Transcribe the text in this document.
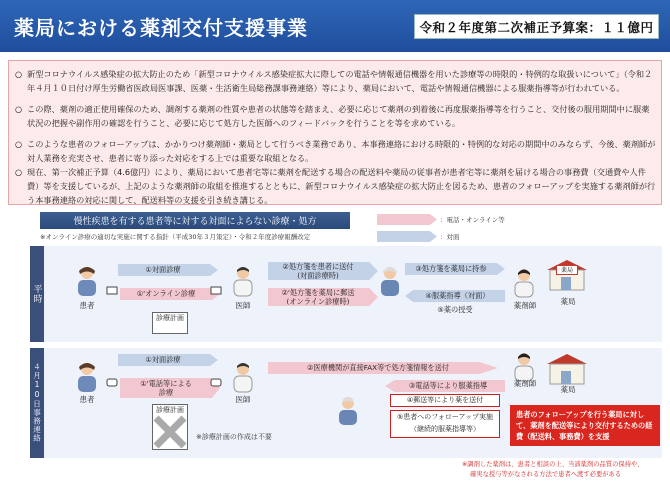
薬局における薬剤交付支援事業	令和２年度第二次補正予算案：１１億円
○ 新型コロナウイルス感染症の拡大防止のため「新型コロナウイルス感染症拡大に際しての電話や情報通信機器を用いた診療等の時限的・特例的な取扱いについて」（令和２年４月１０日付け厚生労働省医政局医事課、医薬・生活衛生局総務課事務連絡）等により、薬局において、電話や情報通信機器による服薬指導等が行われている。
○ この際、薬剤の適正使用確保のため、調剤する薬剤の性質や患者の状態等を踏まえ、必要に応じて薬剤の到着後に再度服薬指導等を行うこと、交付後の服用期間中に服薬状況の把握や副作用の確認を行うこと、必要に応じて処方した医師へのフィードバックを行うことを等を求めている。
○ このような患者のフォローアップは、かかりつけ薬剤師・薬局として行うべき業務であり、本事務連絡における時限的・特例的な対応の期間中のみならず、今後、薬剤師が対人業務を充実させ、患者に寄り添った対応をする上では重要な取組となる。
○ 現在、第一次補正予算（4.6億円）により、薬局において患者宅等に薬剤を配送する場合の配送料や薬局の従事者が患者宅等に薬剤を届ける場合の事務費（交通費や人件費）等を支援しているが、上記のような薬剤師の取組を推進するとともに、新型コロナウイルス感染症の拡大防止を図るため、患者のフォローアップを実施する薬剤師が行う本事務連絡の対応に関して、配送料等の支援を引き続き講じる。
慢性疾患を有する患者等に対する対面によらない診療・処方
※オンライン診療の適切な実施に関する指針（平成30年３月策定）・令和２年度診療報酬改定
：電話・オンライン等
：対面
平時
患者	医師	薬剤師
薬局
薬局
①対面診療
①'オンライン診療
診療計画
②処方箋を患者に送付
(対面診療時)
②'処方箋を薬局に郵送
(オンライン診療時)
③処方箋を薬局に持参
④服薬指導（対面）
⑤薬の授受
４月10日事務連絡	患者	医師
薬剤師
薬局
①対面診療
①'電話等による
診療
診療計画
※診療計画の作成は不要
②医療機関が直接FAX等で処方箋情報を送付
③電話等により服薬指導
④郵送等により薬を送付
⑤患者へのフォローアップ実施
（継続的服薬指導等）
患者のフォローアップを行う薬局に対して、薬剤を配送等により交付するための経費（配送料、事務費）を支援
※調剤した薬剤は、患者と相談の上、当該薬剤の品質の保持や、
確実な授与等がなされる方法で患者へ渡す必要がある
